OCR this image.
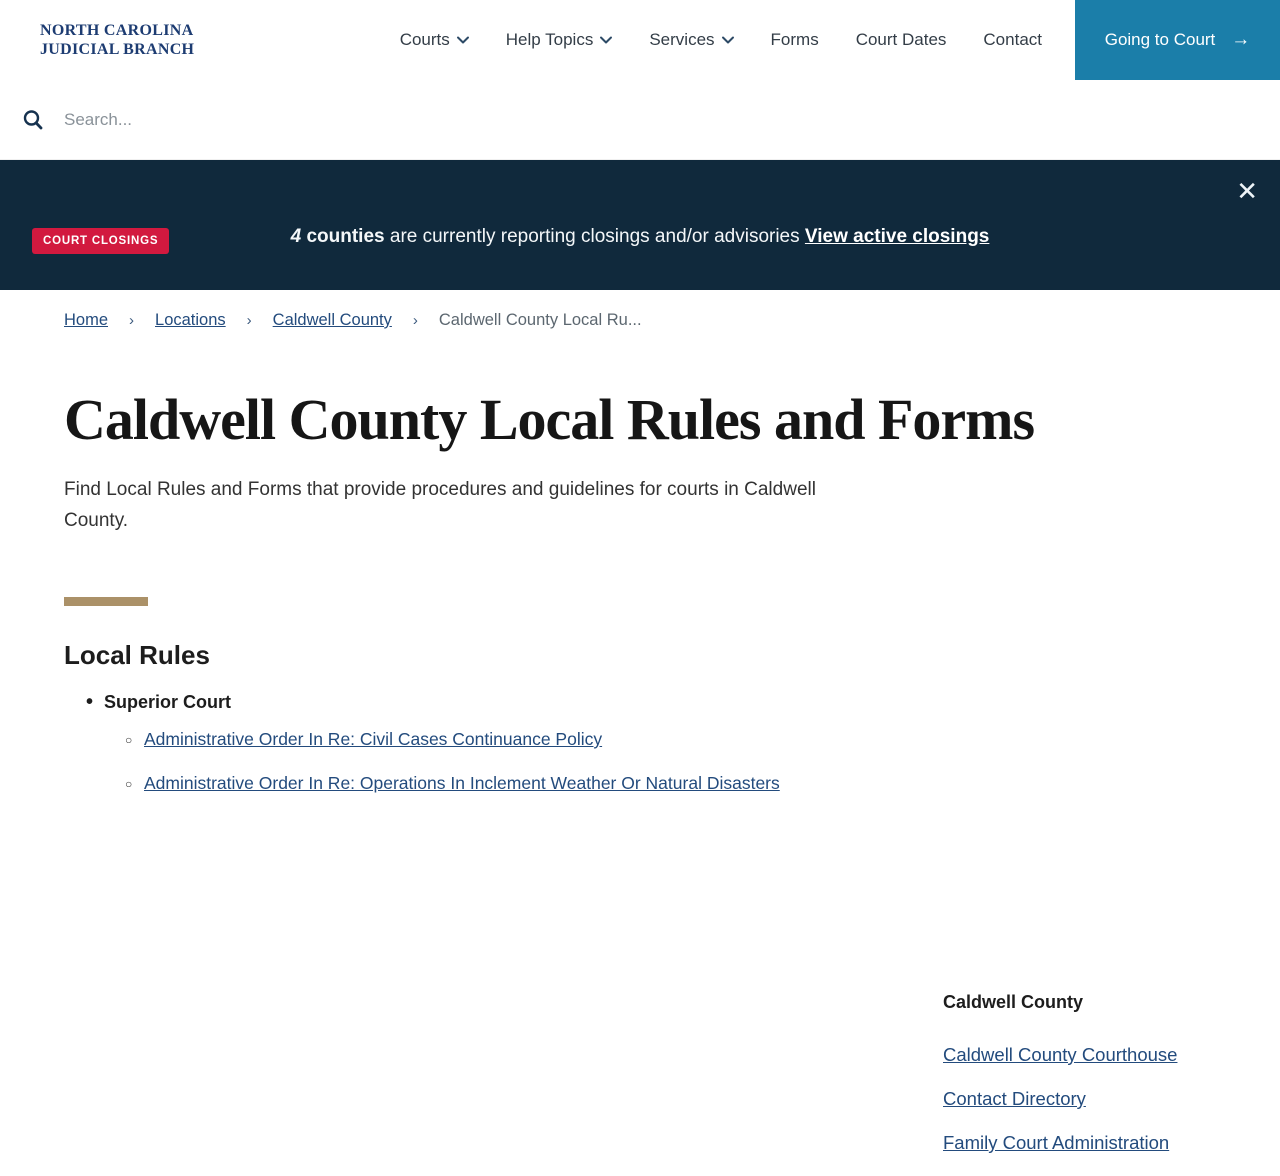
NORTH CAROLINA
JUDICIAL BRANCH
Courts	Help Topics	Services	Forms Court Dates Contact	Going to Court →
Search...
✕
COURT CLOSINGS	4 counties are currently reporting closings and/or advisories View active closings
Home › Locations › Caldwell County › Caldwell County Local Ru...
Caldwell County Local Rules and Forms

Find Local Rules and Forms that provide procedures and guidelines for courts in Caldwell County.

Local Rules
• Superior Court
○ Administrative Order In Re: Civil Cases Continuance Policy
○ Administrative Order In Re: Operations In Inclement Weather Or Natural Disasters
Caldwell County
Caldwell County Courthouse
Contact Directory
Family Court Administration
